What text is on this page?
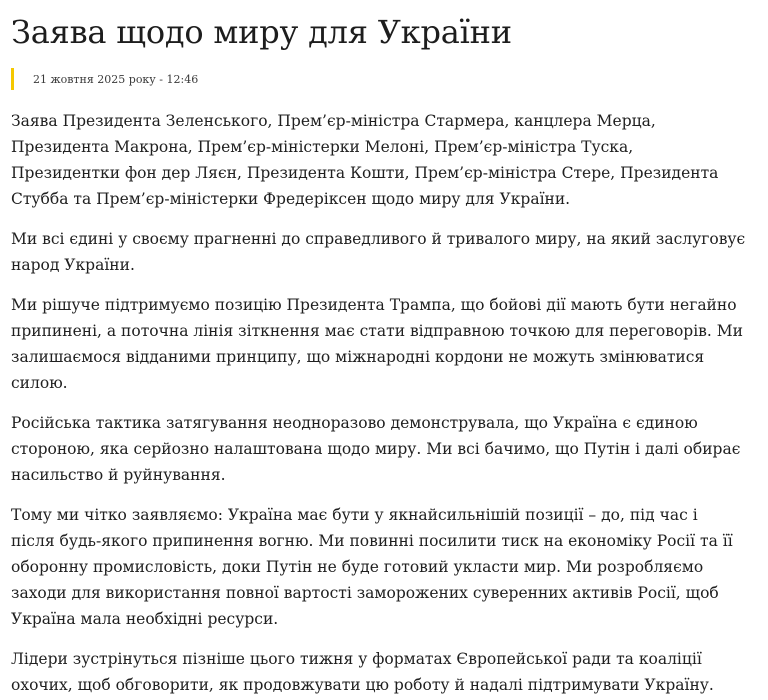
Заява щодо миру для України
21 жовтня 2025 року - 12:46

Заява Президента Зеленського, Прем’єр-міністра Стармера, канцлера Мерца,
Президента Макрона, Прем’єр-міністерки Мелоні, Прем’єр-міністра Туска,
Президентки фон дер Ляєн, Президента Кошти, Прем’єр-міністра Стере, Президента
Стубба та Прем’єр-міністерки Фредеріксен щодо миру для України.

Ми всі єдині у своєму прагненні до справедливого й тривалого миру, на який заслуговує
народ України.

Ми рішуче підтримуємо позицію Президента Трампа, що бойові дії мають бути негайно
припинені, а поточна лінія зіткнення має стати відправною точкою для переговорів. Ми
залишаємося відданими принципу, що міжнародні кордони не можуть змінюватися
силою.

Російська тактика затягування неодноразово демонструвала, що Україна є єдиною
стороною, яка серйозно налаштована щодо миру. Ми всі бачимо, що Путін і далі обирає
насильство й руйнування.

Тому ми чітко заявляємо: Україна має бути у якнайсильнішій позиції – до, під час і
після будь-якого припинення вогню. Ми повинні посилити тиск на економіку Росії та її
оборонну промисловість, доки Путін не буде готовий укласти мир. Ми розробляємо
заходи для використання повної вартості заморожених суверенних активів Росії, щоб
Україна мала необхідні ресурси.

Лідери зустрінуться пізніше цього тижня у форматах Європейської ради та коаліції
охочих, щоб обговорити, як продовжувати цю роботу й надалі підтримувати Україну.
